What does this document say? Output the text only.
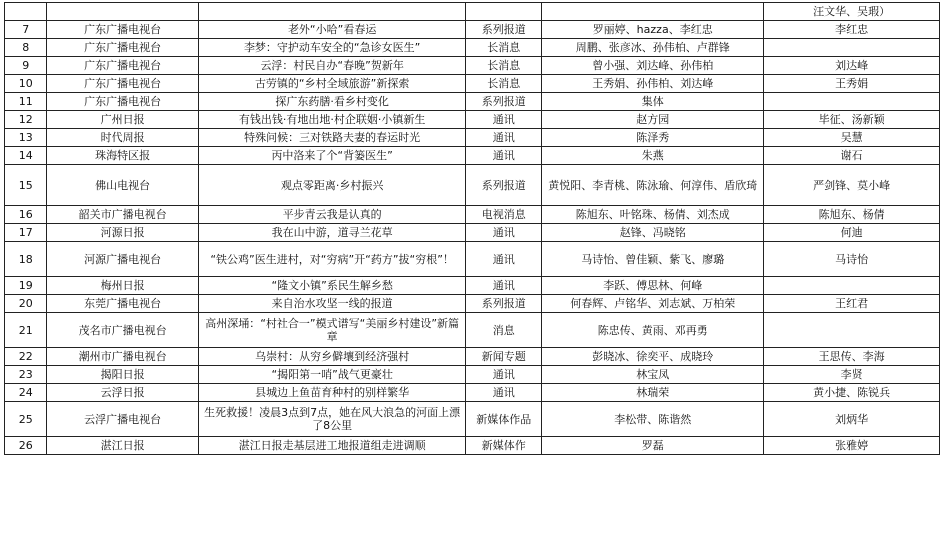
					汪文华、吴瑕）
7	广东广播电视台	老外“小哈”看春运	系列报道	罗丽婷、hazza、李红忠	李红忠
8	广东广播电视台	李梦：守护动车安全的“急诊女医生”	长消息	周鹏、张彦冰、孙伟柏、卢群锋	
9	广东广播电视台	云浮：村民自办“春晚”贺新年	长消息	曾小强、刘达峰、孙伟柏	刘达峰
10	广东广播电视台	古劳镇的“乡村全域旅游”新探索	长消息	王秀娟、孙伟柏、刘达峰	王秀娟
11	广东广播电视台	探广东药膳·看乡村变化	系列报道	集体	
12	广州日报	有钱出钱·有地出地·村企联姻·小镇新生	通讯	赵方园	毕征、汤新颖
13	时代周报	特殊问候：三对铁路夫妻的春运时光	通讯	陈泽秀	吴慧
14	珠海特区报	丙中洛来了个“背篓医生”	通讯	朱燕	谢石
15	佛山电视台	观点零距离·乡村振兴	系列报道	黄悦阳、李青桃、陈泳瑜、何淳伟、盾欣琦	严剑锋、莫小峰
16	韶关市广播电视台	平步青云我是认真的	电视消息	陈旭东、叶铭珠、杨倩、刘杰成	陈旭东、杨倩
17	河源日报	我在山中游，道寻兰花草	通讯	赵锋、冯晓铭	何迪
18	河源广播电视台	“铁公鸡”医生进村，对“穷病”开“药方”拔“穷根”！	通讯	马诗怡、曾佳颖、紫飞、廖璐	马诗怡
19	梅州日报	“隆文小镇”系民生解乡愁	通讯	李跃、傅思林、何峰	
20	东莞广播电视台	来自治水攻坚一线的报道	系列报道	何春辉、卢铭华、刘志斌、万柏荣	王红君
21	茂名市广播电视台	高州深埇：“村社合一”模式谱写“美丽乡村建设”新篇章	消息	陈忠传、黄雨、邓再勇	
22	潮州市广播电视台	乌崇村：从穷乡僻壤到经济强村	新闻专题	彭晓冰、徐奕平、成晓玲	王思传、李海
23	揭阳日报	“揭阳第一哨”战气更豪壮	通讯	林宝凤	李贤
24	云浮日报	县城边上鱼苗育种村的别样繁华	通讯	林瑞荣	黄小捷、陈锐兵
25	云浮广播电视台	生死救援！凌晨3点到7点，她在风大浪急的河面上漂了8公里	新媒体作品	李松带、陈谐然	刘炳华
26	湛江日报	湛江日报走基层进工地报道组走进调顺	新媒体作	罗磊	张雅婷
